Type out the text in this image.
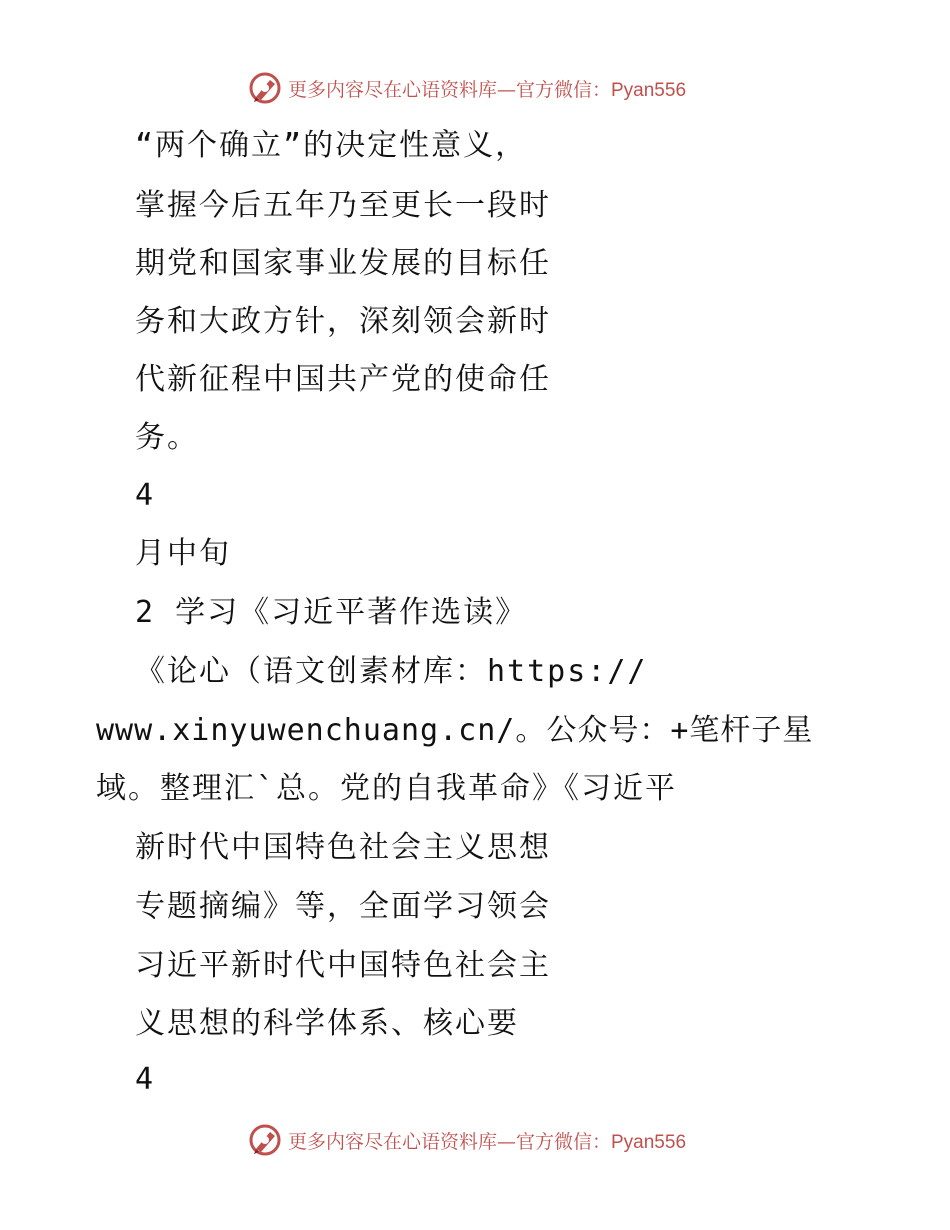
更多内容尽在心语资料库—官方微信：Pyan556
“两个确立”的决定性意义，
掌握今后五年乃至更长一段时
期党和国家事业发展的目标任
务和大政方针，深刻领会新时
代新征程中国共产党的使命任
务。
4
月中旬
2 学习《习近平著作选读》
《论心（语文创素材库：https://
www.xinyuwenchuang.cn/。公众号：+笔杆子星
域。整理汇`总。党的自我革命》《习近平
新时代中国特色社会主义思想
专题摘编》等，全面学习领会
习近平新时代中国特色社会主
义思想的科学体系、核心要
4
更多内容尽在心语资料库—官方微信：Pyan556
